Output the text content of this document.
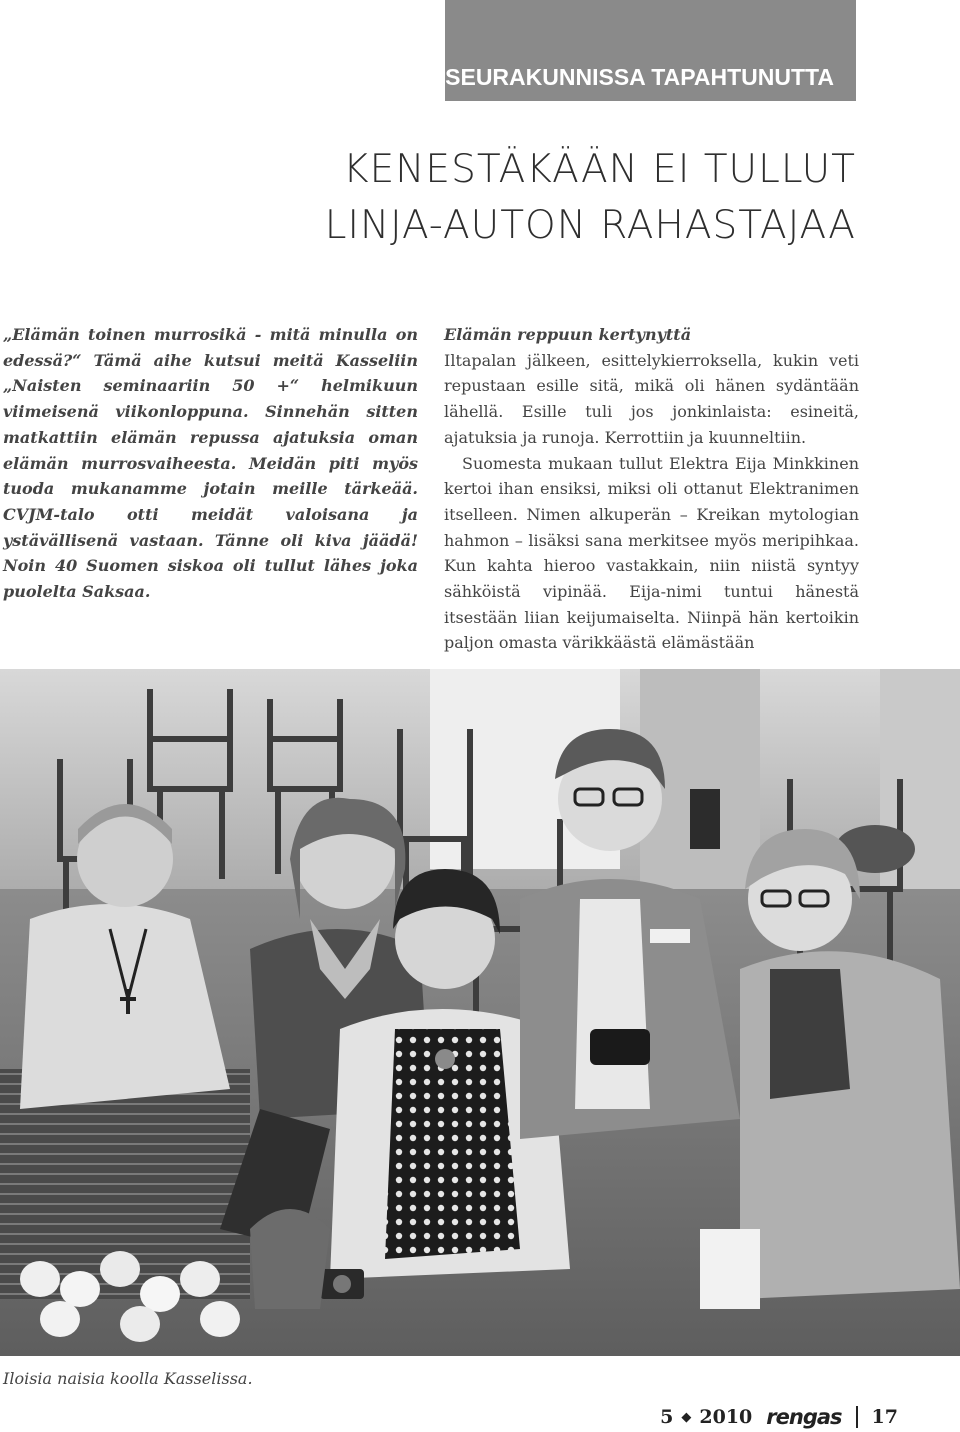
SEURAKUNNISSA TAPAHTUNUTTA
KENESTÄKÄÄN EI TULLUT
LINJA-AUTON RAHASTAJAA

„Elämän toinen murrosikä - mitä minulla on edessä?“ Tämä aihe kutsui meitä Kasseliin „Naisten seminaariin 50 +“ helmikuun viimeisenä viikonloppuna. Sinnehän sitten matkattiin elämän repussa ajatuksia oman elämän murrosvaiheesta. Meidän piti myös tuoda mukanamme jotain meille tärkeää. CVJM-talo otti meidät valoisana ja ystävällisenä vastaan. Tänne oli kiva jäädä! Noin 40 Suomen siskoa oli tullut lähes joka puolelta Saksaa.

Elämän reppuun kertynyttä

Iltapalan jälkeen, esittelykierroksella, kukin veti repustaan esille sitä, mikä oli hänen sydäntään lähellä. Esille tuli jos jonkinlaista: esineitä, ajatuksia ja runoja. Kerrottiin ja kuunneltiin.

Suomesta mukaan tullut Elektra Eija Minkkinen kertoi ihan ensiksi, miksi oli ottanut Elektranimen itselleen. Nimen alkuperän – Kreikan mytologian hahmon – lisäksi sana merkitsee myös meripihkaa. Kun kahta hieroo vastakkain, niin niistä syntyy sähköistä vipinää. Eija-nimi tuntui hänestä itsestään liian keijumaiselta. Niinpä hän kertoikin paljon omasta värikkäästä elämästään

Iloisia naisia koolla Kasselissa.
5 ◆ 2010 rengas 17
